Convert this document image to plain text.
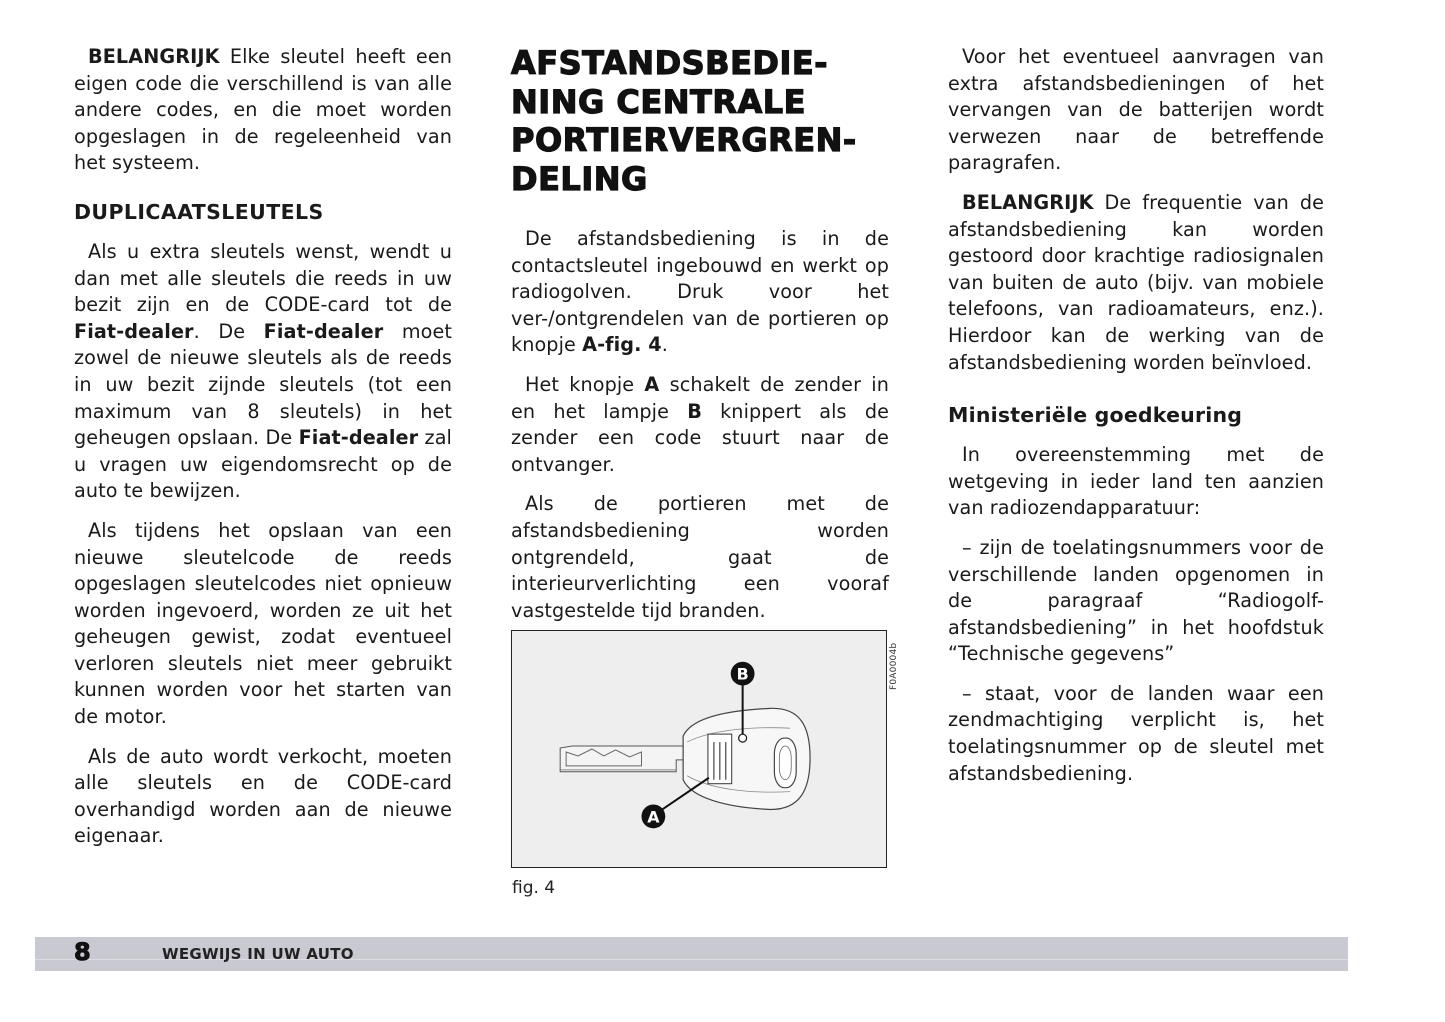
BELANGRIJK Elke sleutel heeft een eigen code die verschillend is van alle andere codes, en die moet worden opgeslagen in de regeleenheid van het systeem.

DUPLICAATSLEUTELS

Als u extra sleutels wenst, wendt u dan met alle sleutels die reeds in uw bezit zijn en de CODE-card tot de Fiat-dealer. De Fiat-dealer moet zowel de nieuwe sleutels als de reeds in uw bezit zijnde sleutels (tot een maximum van 8 sleutels) in het geheugen opslaan. De Fiat-dealer zal u vragen uw eigendomsrecht op de auto te bewijzen.

Als tijdens het opslaan van een nieuwe sleutelcode de reeds opgeslagen sleutelcodes niet opnieuw worden ingevoerd, worden ze uit het geheugen gewist, zodat eventueel verloren sleutels niet meer gebruikt kunnen worden voor het starten van de motor.

Als de auto wordt verkocht, moeten alle sleutels en de CODE-card overhandigd worden aan de nieuwe eigenaar.

AFSTANDSBEDIE-
NING CENTRALE
PORTIERVERGREN-
DELING

De afstandsbediening is in de contactsleutel ingebouwd en werkt op radiogolven. Druk voor het ver-/ontgrendelen van de portieren op knopje A-fig. 4.

Het knopje A schakelt de zender in en het lampje B knippert als de zender een code stuurt naar de ontvanger.

Als de portieren met de afstandsbediening worden ontgrendeld, gaat de interieurverlichting een vooraf vastgestelde tijd branden.

B
A
F0A0004b
fig. 4

Voor het eventueel aanvragen van extra afstandsbedieningen of het vervangen van de batterijen wordt verwezen naar de betreffende paragrafen.

BELANGRIJK De frequentie van de afstandsbediening kan worden gestoord door krachtige radiosignalen van buiten de auto (bijv. van mobiele telefoons, van radioamateurs, enz.). Hierdoor kan de werking van de afstandsbediening worden beïnvloed.

Ministeriële goedkeuring

In overeenstemming met de wetgeving in ieder land ten aanzien van radiozendapparatuur:

– zijn de toelatingsnummers voor de verschillende landen opgenomen in de paragraaf “Radiogolf-afstandsbediening” in het hoofdstuk “Technische gegevens”

– staat, voor de landen waar een zendmachtiging verplicht is, het toelatingsnummer op de sleutel met afstandsbediening.

8	WEGWIJS IN UW AUTO
